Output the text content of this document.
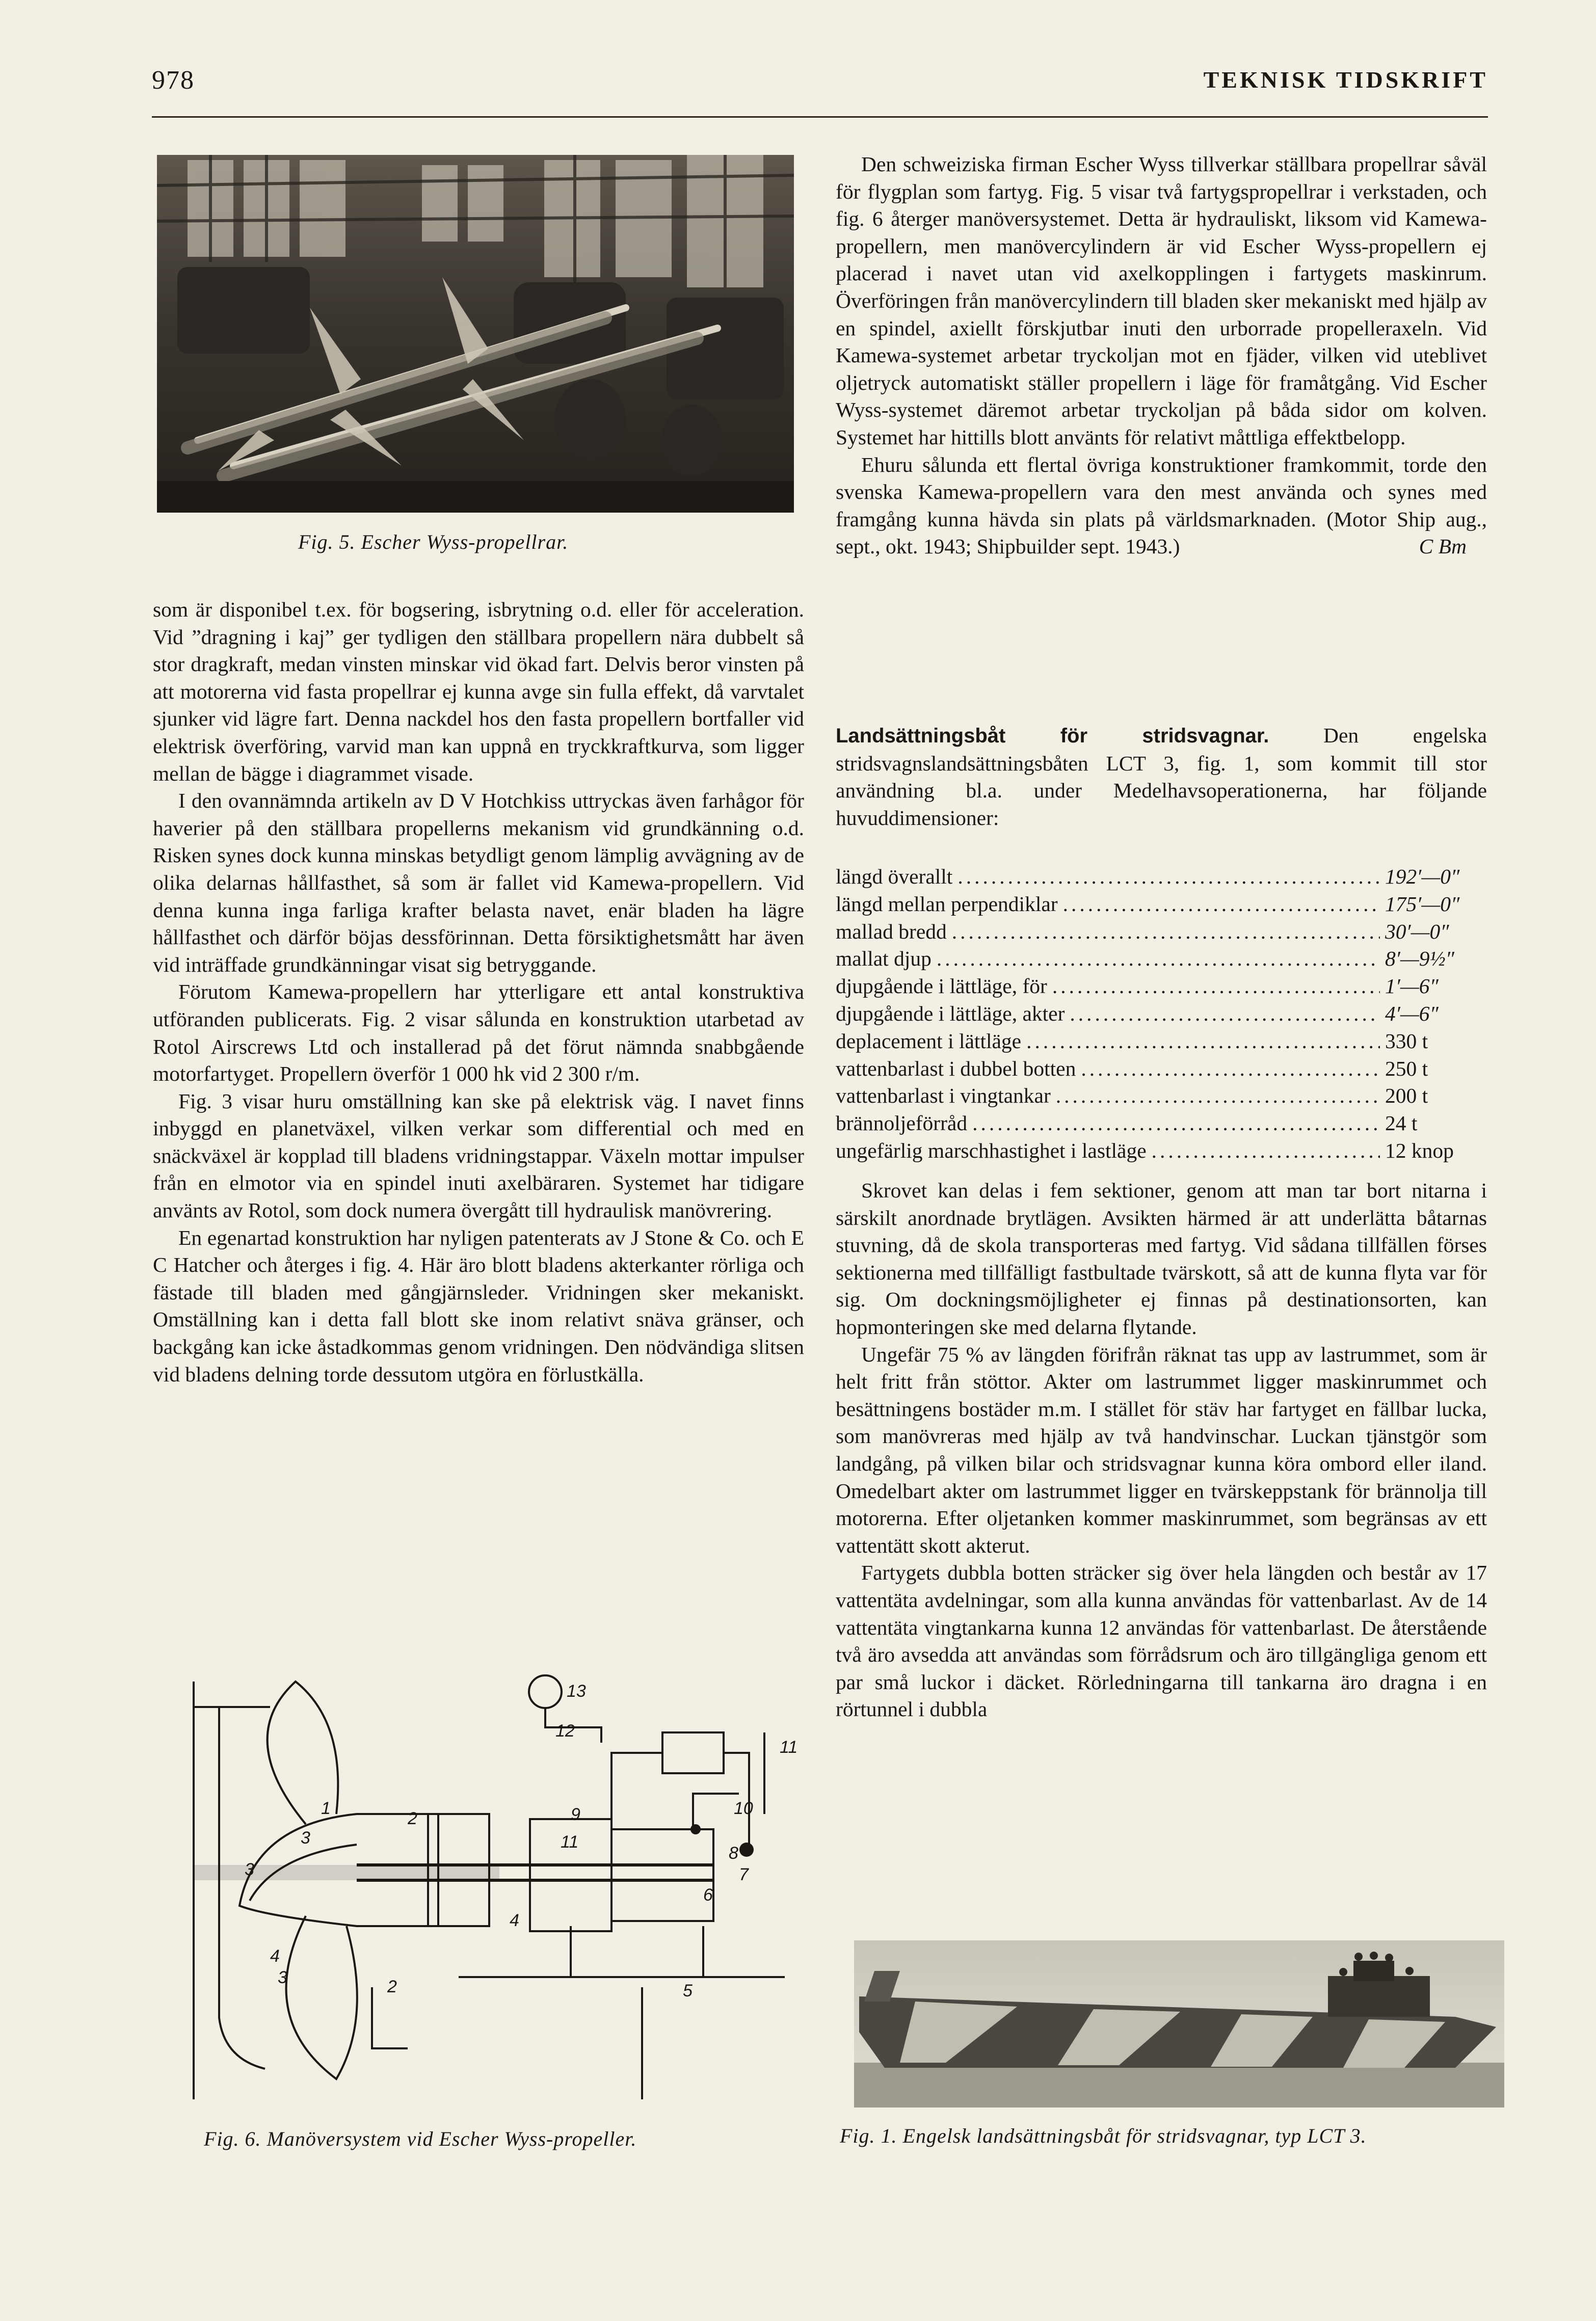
978	TEKNISK TIDSKRIFT
Fig. 5. Escher Wyss-propellrar.

som är disponibel t.ex. för bogsering, isbrytning o.d. eller för acceleration. Vid ”dragning i kaj” ger tydligen den ställbara propellern nära dubbelt så stor dragkraft, medan vinsten minskar vid ökad fart. Delvis beror vinsten på att motorerna vid fasta propellrar ej kunna avge sin fulla effekt, då varvtalet sjunker vid lägre fart. Denna nackdel hos den fasta propellern bortfaller vid elektrisk överföring, varvid man kan uppnå en tryckkraftkurva, som ligger mellan de bägge i diagrammet visade.

I den ovannämnda artikeln av D V Hotchkiss uttryckas även farhågor för haverier på den ställbara propellerns mekanism vid grundkänning o.d. Risken synes dock kunna minskas betydligt genom lämplig avvägning av de olika delarnas hållfasthet, så som är fallet vid Kamewa-propellern. Vid denna kunna inga farliga krafter belasta navet, enär bladen ha lägre hållfasthet och därför böjas dessförinnan. Detta försiktighetsmått har även vid inträffade grundkänningar visat sig betryggande.

Förutom Kamewa-propellern har ytterligare ett antal konstruktiva utföranden publicerats. Fig. 2 visar sålunda en konstruktion utarbetad av Rotol Airscrews Ltd och installerad på det förut nämnda snabbgående motorfartyget. Propellern överför 1 000 hk vid 2 300 r/m.

Fig. 3 visar huru omställning kan ske på elektrisk väg. I navet finns inbyggd en planetväxel, vilken verkar som differential och med en snäckväxel är kopplad till bladens vridningstappar. Växeln mottar impulser från en elmotor via en spindel inuti axelbäraren. Systemet har tidigare använts av Rotol, som dock numera övergått till hydraulisk manövrering.

En egenartad konstruktion har nyligen patenterats av J Stone & Co. och E C Hatcher och återges i fig. 4. Här äro blott bladens akterkanter rörliga och fästade till bladen med gångjärnsleder. Vridningen sker mekaniskt. Omställning kan i detta fall blott ske inom relativt snäva gränser, och backgång kan icke åstadkommas genom vridningen. Den nödvändiga slitsen vid bladens delning torde dessutom utgöra en förlustkälla.

13
12
11
10
9
11
8
7
6
5
4
3
2
1
3
4
3	2
Fig. 6. Manöversystem vid Escher Wyss-propeller.

Den schweiziska firman Escher Wyss tillverkar ställbara propellrar såväl för flygplan som fartyg. Fig. 5 visar två fartygspropellrar i verkstaden, och fig. 6 återger manöversystemet. Detta är hydrauliskt, liksom vid Kamewa-propellern, men manövercylindern är vid Escher Wyss-propellern ej placerad i navet utan vid axelkopplingen i fartygets maskinrum. Överföringen från manövercylindern till bladen sker mekaniskt med hjälp av en spindel, axiellt förskjutbar inuti den urborrade propelleraxeln. Vid Kamewa-systemet arbetar tryckoljan mot en fjäder, vilken vid uteblivet oljetryck automatiskt ställer propellern i läge för framåtgång. Vid Escher Wyss-systemet däremot arbetar tryckoljan på båda sidor om kolven. Systemet har hittills blott använts för relativt måttliga effektbelopp.

Ehuru sålunda ett flertal övriga konstruktioner framkommit, torde den svenska Kamewa-propellern vara den mest använda och synes med framgång kunna hävda sin plats på världsmarknaden. (Motor Ship aug., sept., okt. 1943; Shipbuilder sept. 1943.)	C Bm

Landsättningsbåt för stridsvagnar. Den engelska stridsvagnslandsättningsbåten LCT 3, fig. 1, som kommit till stor användning bl.a. under Medelhavsoperationerna, har följande huvuddimensioner:

längd överallt .....	192′—0″
längd mellan perpendiklar .....	175′—0″
mallad bredd .....	30′—0″
mallat djup .....	8′—9½″
djupgående i lättläge, för .....	1′—6″
djupgående i lättläge, akter .....	4′—6″
deplacement i lättläge .....	330 t
vattenbarlast i dubbel botten .....	250 t
vattenbarlast i vingtankar .....	200 t
brännoljeförråd .....	24 t
ungefärlig marschhastighet i lastläge .....	12 knop

Skrovet kan delas i fem sektioner, genom att man tar bort nitarna i särskilt anordnade brytlägen. Avsikten härmed är att underlätta båtarnas stuvning, då de skola transporteras med fartyg. Vid sådana tillfällen förses sektionerna med tillfälligt fastbultade tvärskott, så att de kunna flyta var för sig. Om dockningsmöjligheter ej finnas på destinationsorten, kan hopmonteringen ske med delarna flytande.

Ungefär 75 % av längden förifrån räknat tas upp av lastrummet, som är helt fritt från stöttor. Akter om lastrummet ligger maskinrummet och besättningens bostäder m.m. I stället för stäv har fartyget en fällbar lucka, som manövreras med hjälp av två handvinschar. Luckan tjänstgör som landgång, på vilken bilar och stridsvagnar kunna köra ombord eller iland. Omedelbart akter om lastrummet ligger en tvärskeppstank för brännolja till motorerna. Efter oljetanken kommer maskinrummet, som begränsas av ett vattentätt skott akterut.

Fartygets dubbla botten sträcker sig över hela längden och består av 17 vattentäta avdelningar, som alla kunna användas för vattenbarlast. Av de 14 vattentäta vingtankarna kunna 12 användas för vattenbarlast. De återstående två äro avsedda att användas som förrådsrum och äro tillgängliga genom ett par små luckor i däcket. Rörledningarna till tankarna äro dragna i en rörtunnel i dubbla

Fig. 1. Engelsk landsättningsbåt för stridsvagnar, typ LCT 3.
